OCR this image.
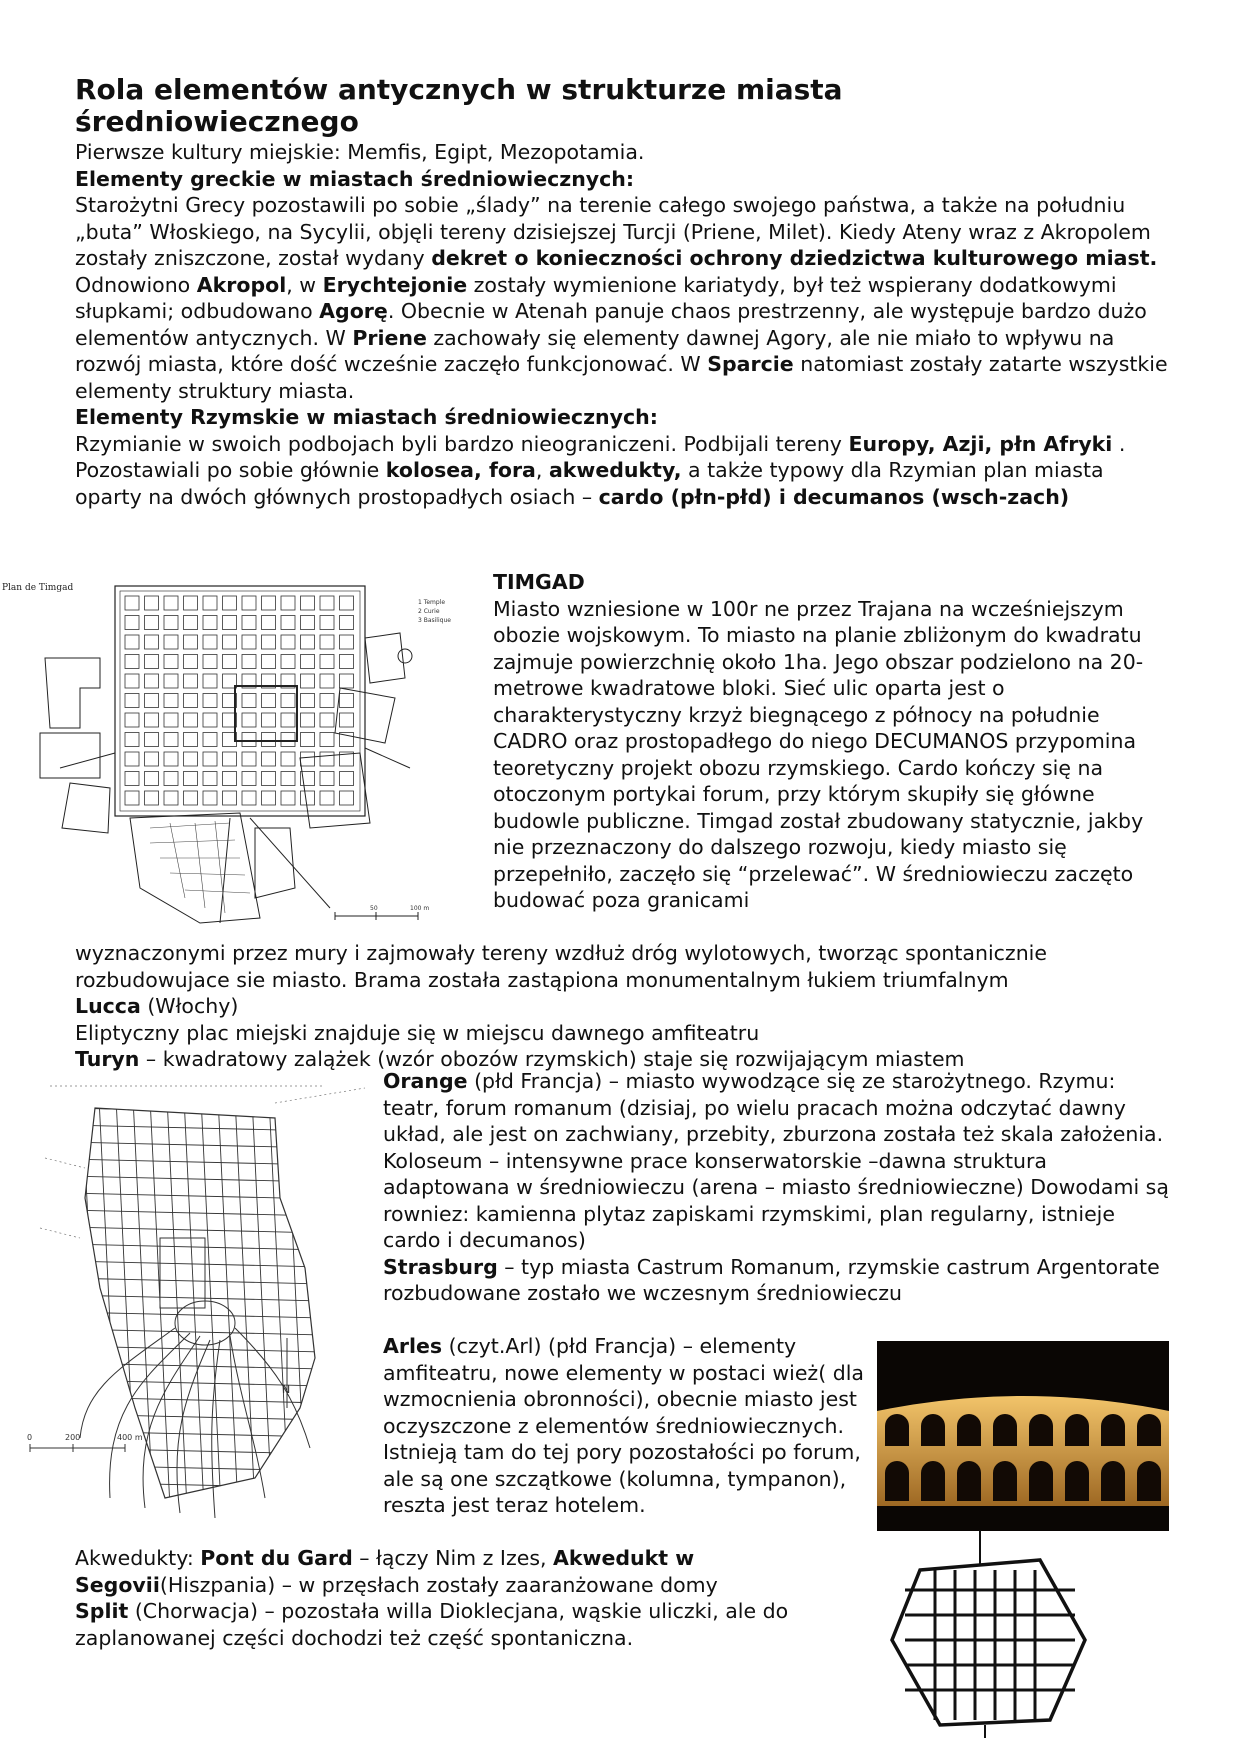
Rola elementów antycznych w strukturze miasta średniowiecznego

Pierwsze kultury miejskie: Memfis, Egipt, Mezopotamia.

Elementy greckie w miastach średniowiecznych:

Starożytni Grecy pozostawili po sobie „ślady” na terenie całego swojego państwa, a także na południu „buta” Włoskiego, na Sycylii, objęli tereny dzisiejszej Turcji (Priene, Milet). Kiedy Ateny wraz z Akropolem zostały zniszczone, został wydany dekret o konieczności ochrony dziedzictwa kulturowego miast. Odnowiono Akropol, w Erychtejonie zostały wymienione kariatydy, był też wspierany dodatkowymi słupkami; odbudowano Agorę. Obecnie w Atenah panuje chaos prestrzenny, ale występuje bardzo dużo elementów antycznych. W Priene zachowały się elementy dawnej Agory, ale nie miało to wpływu na rozwój miasta, które dość wcześnie zaczęło funkcjonować. W Sparcie natomiast zostały zatarte wszystkie elementy struktury miasta.

Elementy Rzymskie w miastach średniowiecznych:

Rzymianie w swoich podbojach byli bardzo nieograniczeni. Podbijali tereny Europy, Azji, płn Afryki . Pozostawiali po sobie głównie kolosea, fora, akwedukty, a także typowy dla Rzymian plan miasta oparty na dwóch głównych prostopadłych osiach – cardo (płn-płd) i decumanos (wsch-zach)

Plan de Timgad
1 Temple
2 Curie
3 Basilique
50	100 m

TIMGAD

Miasto wzniesione w 100r ne przez Trajana na wcześniejszym obozie wojskowym. To miasto na planie zbliżonym do kwadratu zajmuje powierzchnię około 1ha. Jego obszar podzielono na 20-metrowe kwadratowe bloki. Sieć ulic oparta jest o charakterystyczny krzyż biegnącego z północy na południe CADRO oraz prostopadłego do niego DECUMANOS przypomina teoretyczny projekt obozu rzymskiego. Cardo kończy się na otoczonym portykai forum, przy którym skupiły się główne budowle publiczne. Timgad został zbudowany statycznie, jakby nie przeznaczony do dalszego rozwoju, kiedy miasto się przepełniło, zaczęło się “przelewać”. W średniowieczu zaczęto budować poza granicami

wyznaczonymi przez mury i zajmowały tereny wzdłuż dróg wylotowych, tworząc spontanicznie rozbudowujace sie miasto. Brama została zastąpiona monumentalnym łukiem triumfalnym

Lucca (Włochy)

Eliptyczny plac miejski znajduje się w miejscu dawnego amfiteatru

Turyn – kwadratowy zalążek (wzór obozów rzymskich) staje się rozwijającym miastem

N
0	200	400 m

Orange (płd Francja) – miasto wywodzące się ze starożytnego. Rzymu: teatr, forum romanum (dzisiaj, po wielu pracach można odczytać dawny układ, ale jest on zachwiany, przebity, zburzona została też skala założenia. Koloseum – intensywne prace konserwatorskie –dawna struktura adaptowana w średniowieczu (arena – miasto średniowieczne) Dowodami są rowniez: kamienna plytaz zapiskami rzymskimi, plan regularny, istnieje cardo i decumanos)

Strasburg – typ miasta Castrum Romanum, rzymskie castrum Argentorate rozbudowane zostało we wczesnym średniowieczu

Arles (czyt.Arl) (płd Francja) – elementy amfiteatru, nowe elementy w postaci wież( dla wzmocnienia obronności), obecnie miasto jest oczyszczone z elementów średniowiecznych. Istnieją tam do tej pory pozostałości po forum, ale są one szczątkowe (kolumna, tympanon), reszta jest teraz hotelem.

Akwedukty: Pont du Gard – łączy Nim z Izes, Akwedukt w Segovii(Hiszpania) – w przęsłach zostały zaaranżowane domy

Split (Chorwacja) – pozostała willa Dioklecjana, wąskie uliczki, ale do zaplanowanej części dochodzi też część spontaniczna.
